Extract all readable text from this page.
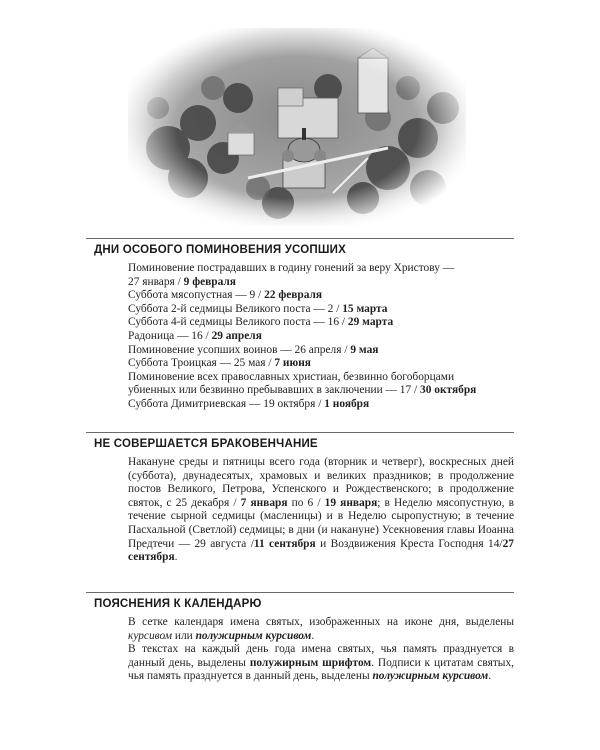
ДНИ ОСОБОГО ПОМИНОВЕНИЯ УСОПШИХ
Поминовение пострадавших в годину гонений за веру Христову —
27 января / 9 февраля
Суббота мясопустная — 9 / 22 февраля
Суббота 2-й седмицы Великого поста — 2 / 15 марта
Суббота 4-й седмицы Великого поста — 16 / 29 марта
Радоница — 16 / 29 апреля
Поминовение усопших воинов — 26 апреля / 9 мая
Суббота Троицкая — 25 мая / 7 июня
Поминовение всех православных христиан, безвинно богоборцами
убиенных или безвинно пребывавших в заключении — 17 / 30 октября
Суббота Димитриевская — 19 октября / 1 ноября
НЕ СОВЕРШАЕТСЯ БРАКОВЕНЧАНИЕ
Накануне среды и пятницы всего года (вторник и четверг), воскресных дней (суббота), двунадесятых, храмовых и великих праздников; в продолжение постов Великого, Петрова, Успенского и Рождественского; в продолжение святок, с 25 декабря / 7 января по 6 / 19 января; в Неделю мясопустную, в течение сырной седмицы (масленицы) и в Неделю сыропустную; в течение Пасхальной (Светлой) седмицы; в дни (и накануне) Усекновения главы Иоанна Предтечи — 29 августа /11 сентября и Воздвижения Креста Господня 14/27 сентября.
ПОЯСНЕНИЯ К КАЛЕНДАРЮ
В сетке календаря имена святых, изображенных на иконе дня, выделены курсивом или полужирным курсивом.
В текстах на каждый день года имена святых, чья память празднуется в данный день, выделены полужирным шрифтом. Подписи к цитатам святых, чья память празднуется в данный день, выделены полужирным курсивом.
